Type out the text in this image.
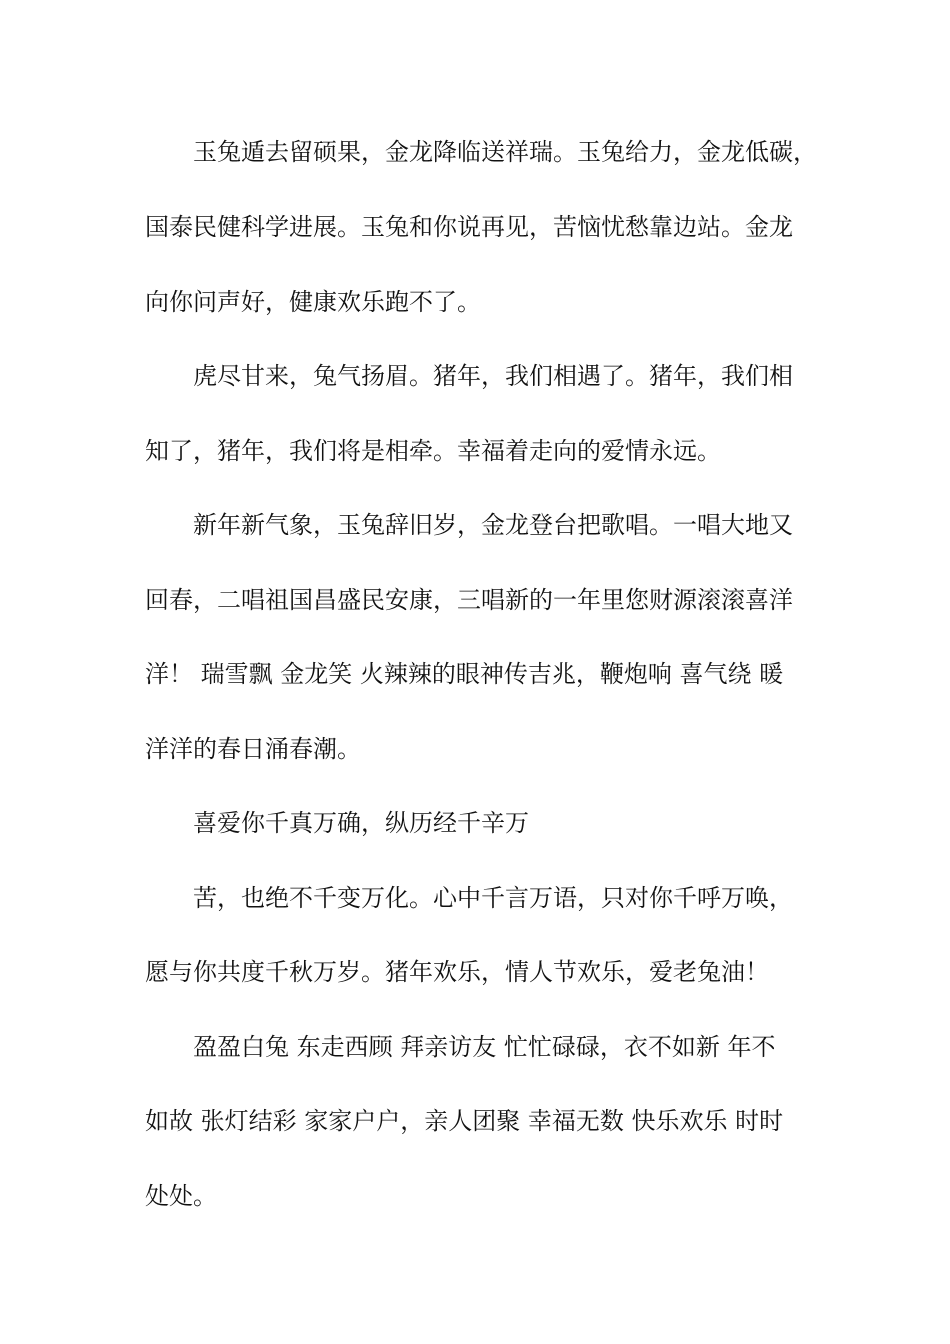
玉兔遁去留硕果，金龙降临送祥瑞。玉兔给力，金龙低碳，

国泰民健科学进展。玉兔和你说再见，苦恼忧愁靠边站。金龙

向你问声好，健康欢乐跑不了。

虎尽甘来，兔气扬眉。猪年，我们相遇了。猪年，我们相

知了，猪年，我们将是相牵。幸福着走向的爱情永远。

新年新气象，玉兔辞旧岁，金龙登台把歌唱。一唱大地又

回春，二唱祖国昌盛民安康，三唱新的一年里您财源滚滚喜洋

洋！ 瑞雪飘 金龙笑 火辣辣的眼神传吉兆，鞭炮响 喜气绕 暖

洋洋的春日涌春潮。

喜爱你千真万确，纵历经千辛万

苦，也绝不千变万化。心中千言万语，只对你千呼万唤，

愿与你共度千秋万岁。猪年欢乐，情人节欢乐，爱老兔油！

盈盈白兔 东走西顾 拜亲访友 忙忙碌碌，衣不如新 年不

如故 张灯结彩 家家户户，亲人团聚 幸福无数 快乐欢乐 时时

处处。
